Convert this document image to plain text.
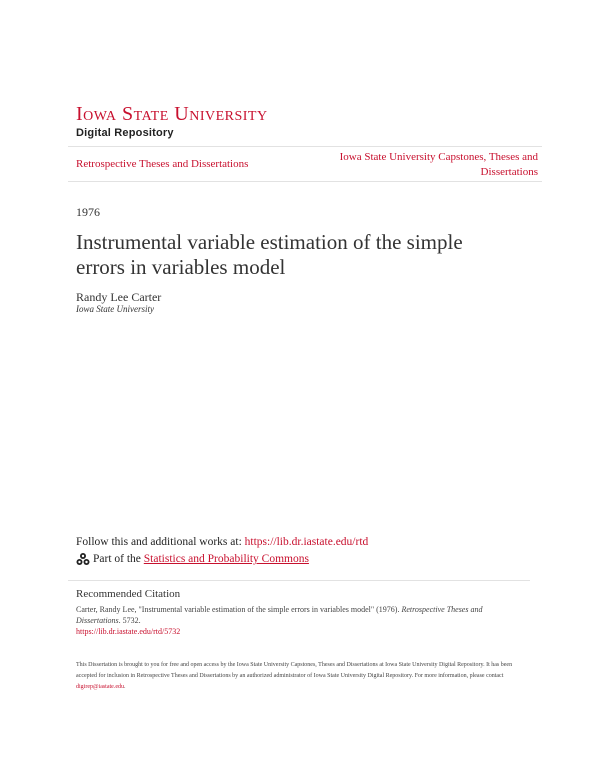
Iowa State University
Digital Repository
Retrospective Theses and Dissertations
Iowa State University Capstones, Theses and
Dissertations
1976
Instrumental variable estimation of the simple
errors in variables model
Randy Lee Carter
Iowa State University
Follow this and additional works at: https://lib.dr.iastate.edu/rtd
Part of the Statistics and Probability Commons
Recommended Citation
Carter, Randy Lee, "Instrumental variable estimation of the simple errors in variables model" (1976). Retrospective Theses and Dissertations. 5732.
https://lib.dr.iastate.edu/rtd/5732
This Dissertation is brought to you for free and open access by the Iowa State University Capstones, Theses and Dissertations at Iowa State University Digital Repository. It has been accepted for inclusion in Retrospective Theses and Dissertations by an authorized administrator of Iowa State University Digital Repository. For more information, please contact digirep@iastate.edu.
